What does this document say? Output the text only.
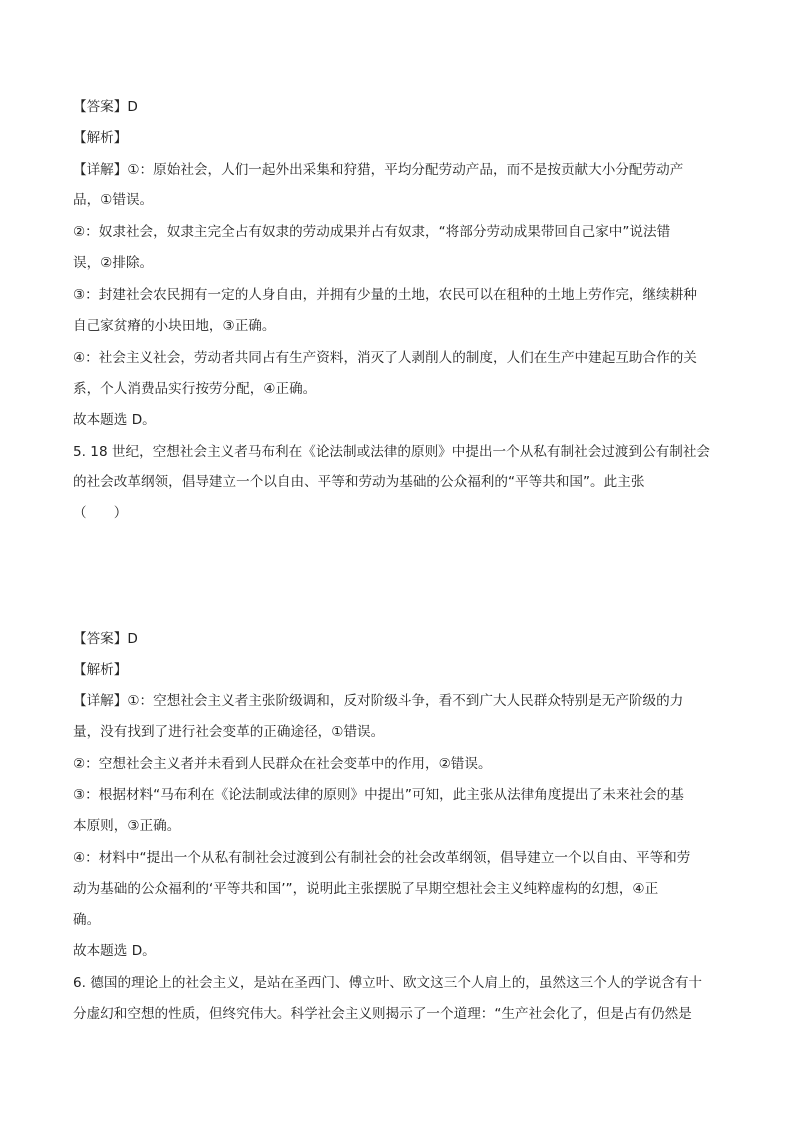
【答案】D
【解析】
【详解】①：原始社会，人们一起外出采集和狩猎，平均分配劳动产品，而不是按贡献大小分配劳动产
品，①错误。
②：奴隶社会，奴隶主完全占有奴隶的劳动成果并占有奴隶，“将部分劳动成果带回自己家中”说法错
误，②排除。
③：封建社会农民拥有一定的人身自由，并拥有少量的土地，农民可以在租种的土地上劳作完，继续耕种
自己家贫瘠的小块田地，③正确。
④：社会主义社会，劳动者共同占有生产资料，消灭了人剥削人的制度，人们在生产中建起互助合作的关
系，个人消费品实行按劳分配，④正确。
故本题选 D。
5. 18 世纪，空想社会主义者马布利在《论法制或法律的原则》中提出一个从私有制社会过渡到公有制社会
的社会改革纲领，倡导建立一个以自由、平等和劳动为基础的公众福利的“平等共和国”。此主张
（　　）
【答案】D
【解析】
【详解】①：空想社会主义者主张阶级调和，反对阶级斗争，看不到广大人民群众特别是无产阶级的力
量，没有找到了进行社会变革的正确途径，①错误。
②：空想社会主义者并未看到人民群众在社会变革中的作用，②错误。
③：根据材料“马布利在《论法制或法律的原则》中提出”可知，此主张从法律角度提出了未来社会的基
本原则，③正确。
④：材料中“提出一个从私有制社会过渡到公有制社会的社会改革纲领，倡导建立一个以自由、平等和劳
动为基础的公众福利的‘平等共和国’”，说明此主张摆脱了早期空想社会主义纯粹虚构的幻想，④正
确。
故本题选 D。
6. 德国的理论上的社会主义，是站在圣西门、傅立叶、欧文这三个人肩上的，虽然这三个人的学说含有十
分虚幻和空想的性质，但终究伟大。科学社会主义则揭示了一个道理：“生产社会化了，但是占有仍然是
